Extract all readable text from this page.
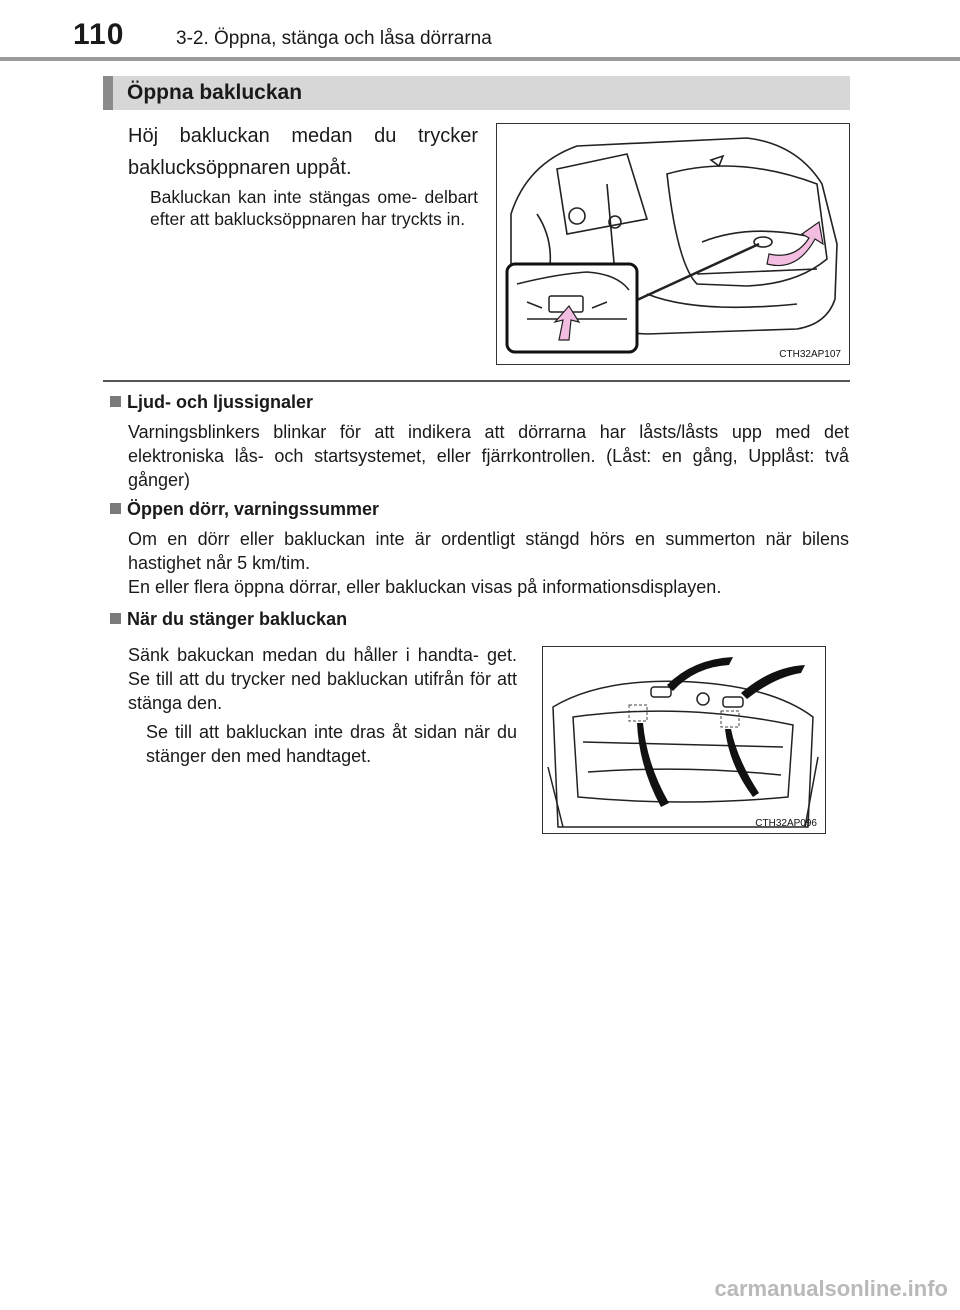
110	3-2. Öppna, stänga och låsa dörrarna
Öppna bakluckan
Höj bakluckan medan du trycker
baklucksöppnaren uppåt.
Bakluckan kan inte stängas ome- delbart efter att baklucksöppnaren har tryckts in.
CTH32AP107
Ljud- och ljussignaler
Varningsblinkers blinkar för att indikera att dörrarna har låsts/låsts upp med det elektroniska lås- och startsystemet, eller fjärrkontrollen. (Låst: en gång, Upplåst: två gånger)
Öppen dörr, varningssummer
Om en dörr eller bakluckan inte är ordentligt stängd hörs en summerton när bilens hastighet når 5 km/tim.
En eller flera öppna dörrar, eller bakluckan visas på informationsdisplayen.
När du stänger bakluckan
Sänk bakuckan medan du håller i handta- get. Se till att du trycker ned bakluckan utifrån för att stänga den.
Se till att bakluckan inte dras åt sidan när du stänger den med handtaget.
CTH32AP096
carmanualsonline.info
